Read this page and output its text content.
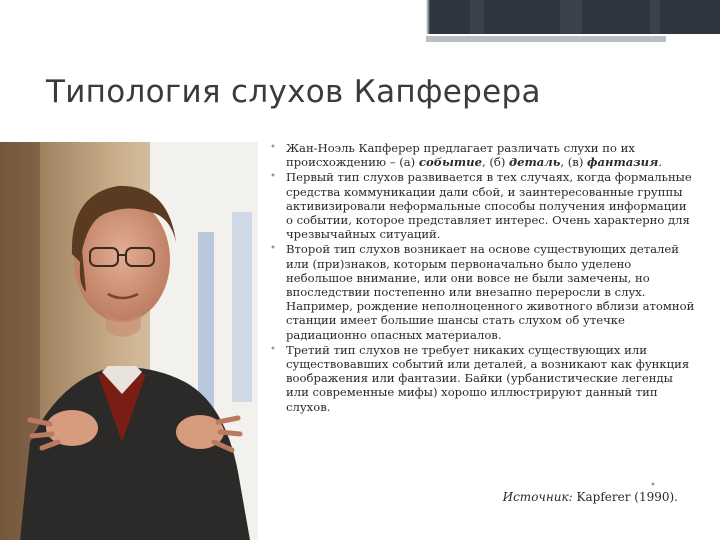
Типология слухов Капферера
• Жан-Ноэль Капферер предлагает различать слухи по их происхождению – (а) событие, (б) деталь, (в) фантазия.
• Первый тип слухов развивается в тех случаях, когда формальные средства коммуникации дали сбой, и заинтересованные группы активизировали неформальные способы получения информации о событии, которое представляет интерес. Очень характерно для чрезвычайных ситуаций.
• Второй тип слухов возникает на основе существующих деталей или (при)знаков, которым первоначально было уделено небольшое внимание, или они вовсе не были замечены, но впоследствии постепенно или внезапно переросли в слух. Например, рождение неполноценного животного вблизи атомной станции имеет большие шансы стать слухом об утечке радиационно опасных материалов.
• Третий тип слухов не требует никаких существующих или существовавших событий или деталей, а возникают как функция воображения или фантазии. Байки (урбанистические легенды или современные мифы) хорошо иллюстрируют данный тип слухов.
•
Источник: Kapferer (1990).
